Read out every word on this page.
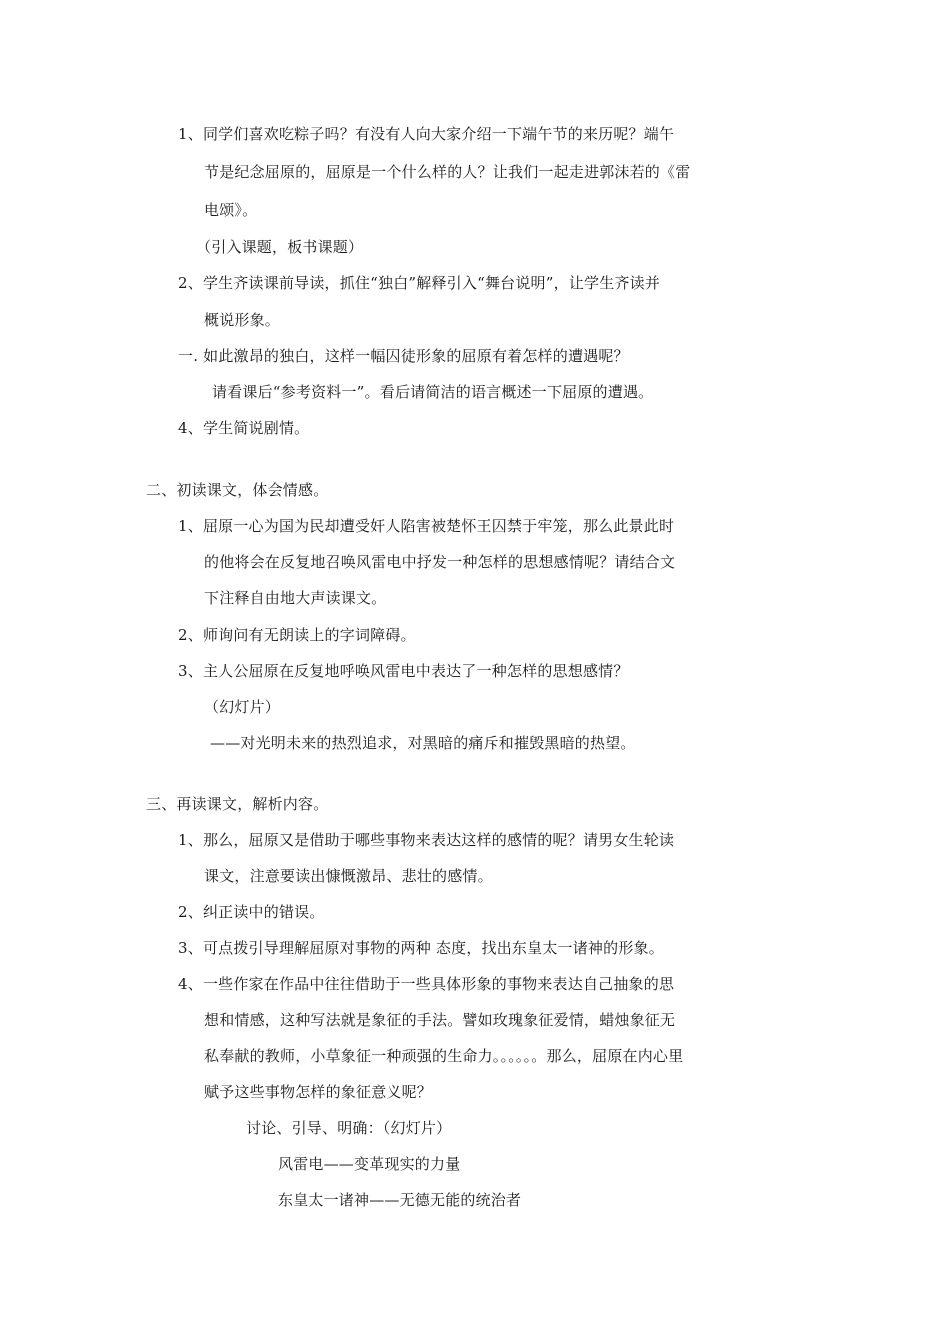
1、同学们喜欢吃粽子吗？有没有人向大家介绍一下端午节的来历呢？端午
节是纪念屈原的，屈原是一个什么样的人？让我们一起走进郭沫若的《雷
电颂》。
（引入课题，板书课题）
2、学生齐读课前导读，抓住“独白”解释引入“舞台说明”，让学生齐读并
概说形象。
一. 如此激昂的独白，这样一幅囚徒形象的屈原有着怎样的遭遇呢？
请看课后“参考资料一”。看后请简洁的语言概述一下屈原的遭遇。
4、学生简说剧情。
二、初读课文，体会情感。
1、屈原一心为国为民却遭受奸人陷害被楚怀王囚禁于牢笼，那么此景此时
的他将会在反复地召唤风雷电中抒发一种怎样的思想感情呢？请结合文
下注释自由地大声读课文。
2、师询问有无朗读上的字词障碍。
3、主人公屈原在反复地呼唤风雷电中表达了一种怎样的思想感情？
（幻灯片）
——对光明未来的热烈追求，对黑暗的痛斥和摧毁黑暗的热望。
三、再读课文，解析内容。
1、那么，屈原又是借助于哪些事物来表达这样的感情的呢？请男女生轮读
课文，注意要读出慷慨激昂、悲壮的感情。
2、纠正读中的错误。
3、可点拨引导理解屈原对事物的两种 态度，找出东皇太一诸神的形象。
4、一些作家在作品中往往借助于一些具体形象的事物来表达自己抽象的思
想和情感，这种写法就是象征的手法。譬如玫瑰象征爱情，蜡烛象征无
私奉献的教师，小草象征一种顽强的生命力。。。。。。那么，屈原在内心里
赋予这些事物怎样的象征意义呢？
讨论、引导、明确：（幻灯片）
风雷电——变革现实的力量
东皇太一诸神——无德无能的统治者
